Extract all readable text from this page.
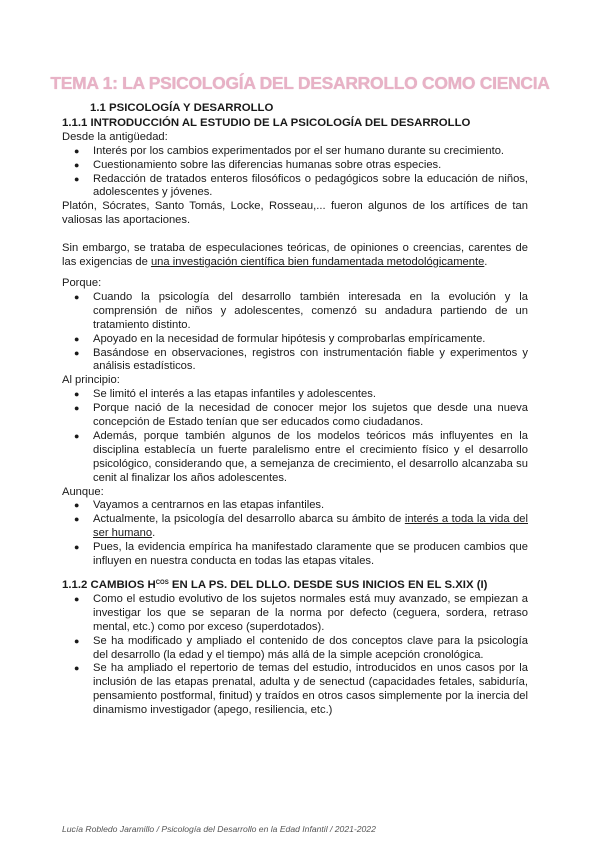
TEMA 1: LA PSICOLOGÍA DEL DESARROLLO COMO CIENCIA
1.1 PSICOLOGÍA Y DESARROLLO
1.1.1 INTRODUCCIÓN AL ESTUDIO DE LA PSICOLOGÍA DEL DESARROLLO

Desde la antigüedad:

● Interés por los cambios experimentados por el ser humano durante su crecimiento.
● Cuestionamiento sobre las diferencias humanas sobre otras especies.
● Redacción de tratados enteros filosóficos o pedagógicos sobre la educación de niños, adolescentes y jóvenes.

Platón, Sócrates, Santo Tomás, Locke, Rosseau,... fueron algunos de los artífices de tan valiosas las aportaciones.

Sin embargo, se trataba de especulaciones teóricas, de opiniones o creencias, carentes de las exigencias de una investigación científica bien fundamentada metodológicamente.

Porque:

● Cuando la psicología del desarrollo también interesada en la evolución y la comprensión de niños y adolescentes, comenzó su andadura partiendo de un tratamiento distinto.
● Apoyado en la necesidad de formular hipótesis y comprobarlas empíricamente.
● Basándose en observaciones, registros con instrumentación fiable y experimentos y análisis estadísticos.

Al principio:

● Se limitó el interés a las etapas infantiles y adolescentes.
● Porque nació de la necesidad de conocer mejor los sujetos que desde una nueva concepción de Estado tenían que ser educados como ciudadanos.
● Además, porque también algunos de los modelos teóricos más influyentes en la disciplina establecía un fuerte paralelismo entre el crecimiento físico y el desarrollo psicológico, considerando que, a semejanza de crecimiento, el desarrollo alcanzaba su cenit al finalizar los años adolescentes.

Aunque:

● Vayamos a centrarnos en las etapas infantiles.
● Actualmente, la psicología del desarrollo abarca su ámbito de interés a toda la vida del ser humano.
● Pues, la evidencia empírica ha manifestado claramente que se producen cambios que influyen en nuestra conducta en todas las etapas vitales.
1.1.2 CAMBIOS $H^{COS}$ EN LA PS. DEL DLLO. DESDE SUS INICIOS EN EL S.XIX (I)
● Como el estudio evolutivo de los sujetos normales está muy avanzado, se empiezan a investigar los que se separan de la norma por defecto (ceguera, sordera, retraso mental, etc.) como por exceso (superdotados).
● Se ha modificado y ampliado el contenido de dos conceptos clave para la psicología del desarrollo (la edad y el tiempo) más allá de la simple acepción cronológica.
● Se ha ampliado el repertorio de temas del estudio, introducidos en unos casos por la inclusión de las etapas prenatal, adulta y de senectud (capacidades fetales, sabiduría, pensamiento postformal, finitud) y traídos en otros casos simplemente por la inercia del dinamismo investigador (apego, resiliencia, etc.)
Lucía Robledo Jaramillo / Psicología del Desarrollo en la Edad Infantil / 2021-2022
